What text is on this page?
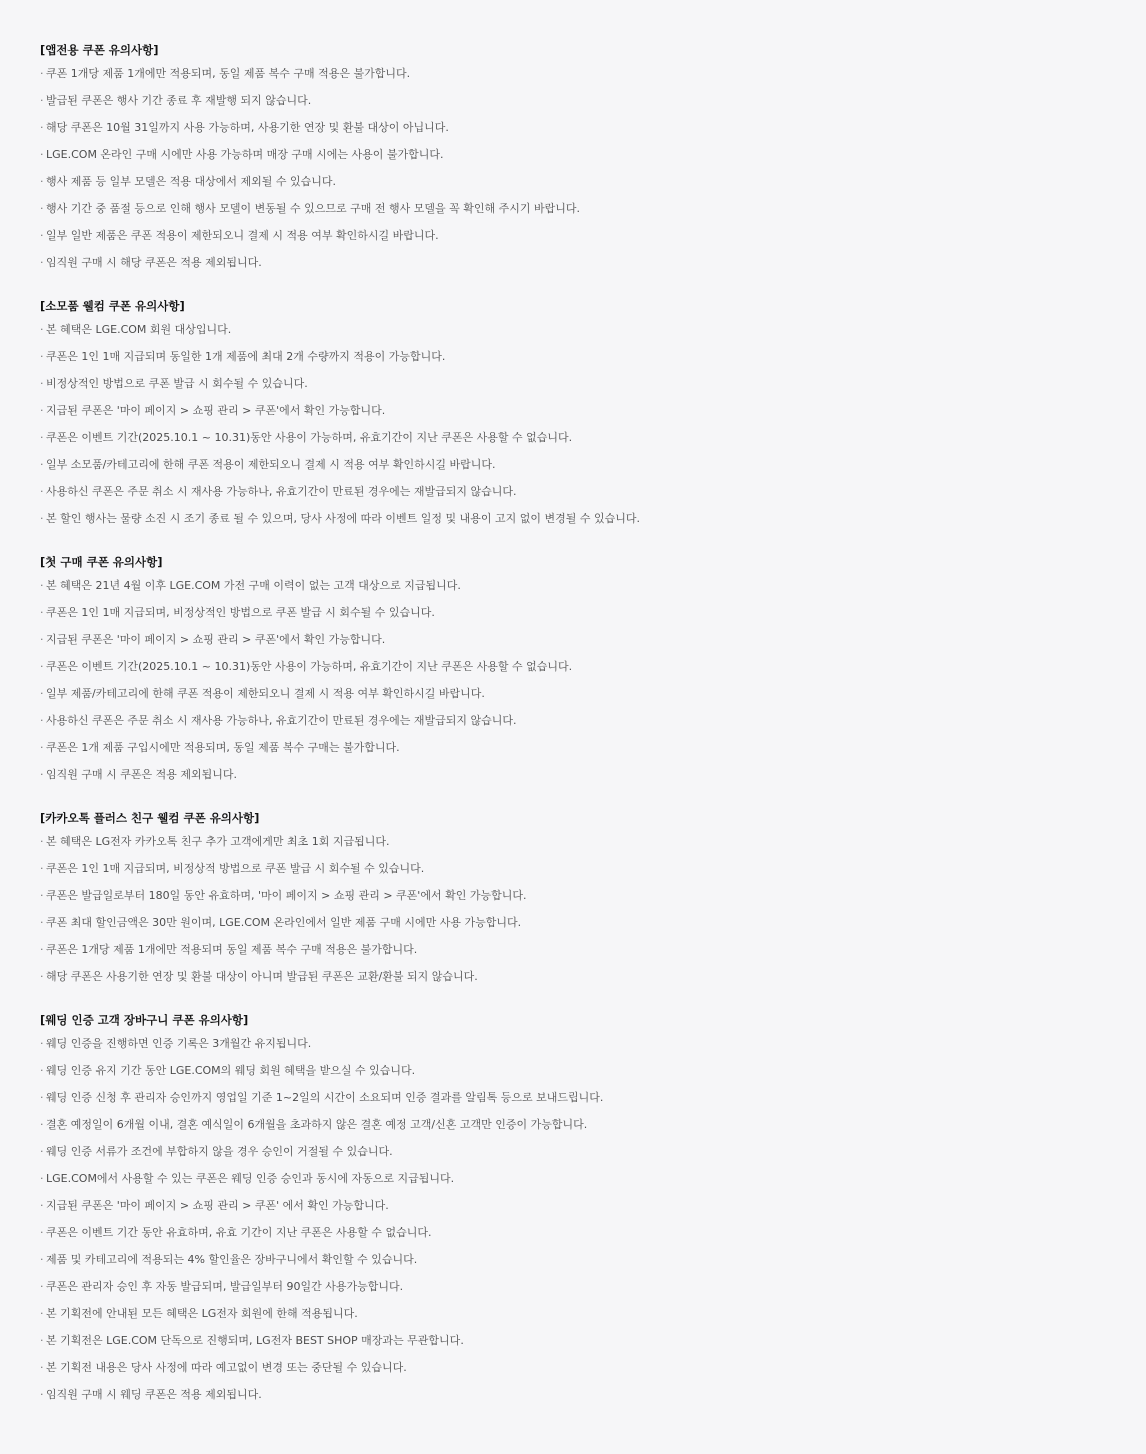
[앱전용 쿠폰 유의사항]
· 쿠폰 1개당 제품 1개에만 적용되며, 동일 제품 복수 구매 적용은 불가합니다.
· 발급된 쿠폰은 행사 기간 종료 후 재발행 되지 않습니다.
· 해당 쿠폰은 10월 31일까지 사용 가능하며, 사용기한 연장 및 환불 대상이 아닙니다.
· LGE.COM 온라인 구매 시에만 사용 가능하며 매장 구매 시에는 사용이 불가합니다.
· 행사 제품 등 일부 모델은 적용 대상에서 제외될 수 있습니다.
· 행사 기간 중 품절 등으로 인해 행사 모델이 변동될 수 있으므로 구매 전 행사 모델을 꼭 확인해 주시기 바랍니다.
· 일부 일반 제품은 쿠폰 적용이 제한되오니 결제 시 적용 여부 확인하시길 바랍니다.
· 임직원 구매 시 해당 쿠폰은 적용 제외됩니다.
[소모품 웰컴 쿠폰 유의사항]
· 본 혜택은 LGE.COM 회원 대상입니다.
· 쿠폰은 1인 1매 지급되며 동일한 1개 제품에 최대 2개 수량까지 적용이 가능합니다.
· 비정상적인 방법으로 쿠폰 발급 시 회수될 수 있습니다.
· 지급된 쿠폰은 '마이 페이지 > 쇼핑 관리 > 쿠폰'에서 확인 가능합니다.
· 쿠폰은 이벤트 기간(2025.10.1 ~ 10.31)동안 사용이 가능하며, 유효기간이 지난 쿠폰은 사용할 수 없습니다.
· 일부 소모품/카테고리에 한해 쿠폰 적용이 제한되오니 결제 시 적용 여부 확인하시길 바랍니다.
· 사용하신 쿠폰은 주문 취소 시 재사용 가능하나, 유효기간이 만료된 경우에는 재발급되지 않습니다.
· 본 할인 행사는 물량 소진 시 조기 종료 될 수 있으며, 당사 사정에 따라 이벤트 일정 및 내용이 고지 없이 변경될 수 있습니다.
[첫 구매 쿠폰 유의사항]
· 본 혜택은 21년 4월 이후 LGE.COM 가전 구매 이력이 없는 고객 대상으로 지급됩니다.
· 쿠폰은 1인 1매 지급되며, 비정상적인 방법으로 쿠폰 발급 시 회수될 수 있습니다.
· 지급된 쿠폰은 '마이 페이지 > 쇼핑 관리 > 쿠폰'에서 확인 가능합니다.
· 쿠폰은 이벤트 기간(2025.10.1 ~ 10.31)동안 사용이 가능하며, 유효기간이 지난 쿠폰은 사용할 수 없습니다.
· 일부 제품/카테고리에 한해 쿠폰 적용이 제한되오니 결제 시 적용 여부 확인하시길 바랍니다.
· 사용하신 쿠폰은 주문 취소 시 재사용 가능하나, 유효기간이 만료된 경우에는 재발급되지 않습니다.
· 쿠폰은 1개 제품 구입시에만 적용되며, 동일 제품 복수 구매는 불가합니다.
· 임직원 구매 시 쿠폰은 적용 제외됩니다.
[카카오톡 플러스 친구 웰컴 쿠폰 유의사항]
· 본 혜택은 LG전자 카카오톡 친구 추가 고객에게만 최초 1회 지급됩니다.
· 쿠폰은 1인 1매 지급되며, 비정상적 방법으로 쿠폰 발급 시 회수될 수 있습니다.
· 쿠폰은 발급일로부터 180일 동안 유효하며, '마이 페이지 > 쇼핑 관리 > 쿠폰'에서 확인 가능합니다.
· 쿠폰 최대 할인금액은 30만 원이며, LGE.COM 온라인에서 일반 제품 구매 시에만 사용 가능합니다.
· 쿠폰은 1개당 제품 1개에만 적용되며 동일 제품 복수 구매 적용은 불가합니다.
· 해당 쿠폰은 사용기한 연장 및 환불 대상이 아니며 발급된 쿠폰은 교환/환불 되지 않습니다.
[웨딩 인증 고객 장바구니 쿠폰 유의사항]
· 웨딩 인증을 진행하면 인증 기록은 3개월간 유지됩니다.
· 웨딩 인증 유지 기간 동안 LGE.COM의 웨딩 회원 혜택을 받으실 수 있습니다.
· 웨딩 인증 신청 후 관리자 승인까지 영업일 기준 1~2일의 시간이 소요되며 인증 결과를 알림톡 등으로 보내드립니다.
· 결혼 예정일이 6개월 이내, 결혼 예식일이 6개월을 초과하지 않은 결혼 예정 고객/신혼 고객만 인증이 가능합니다.
· 웨딩 인증 서류가 조건에 부합하지 않을 경우 승인이 거절될 수 있습니다.
· LGE.COM에서 사용할 수 있는 쿠폰은 웨딩 인증 승인과 동시에 자동으로 지급됩니다.
· 지급된 쿠폰은 '마이 페이지 > 쇼핑 관리 > 쿠폰' 에서 확인 가능합니다.
· 쿠폰은 이벤트 기간 동안 유효하며, 유효 기간이 지난 쿠폰은 사용할 수 없습니다.
· 제품 및 카테고리에 적용되는 4% 할인율은 장바구니에서 확인할 수 있습니다.
· 쿠폰은 관리자 승인 후 자동 발급되며, 발급일부터 90일간 사용가능합니다.
· 본 기획전에 안내된 모든 혜택은 LG전자 회원에 한해 적용됩니다.
· 본 기획전은 LGE.COM 단독으로 진행되며, LG전자 BEST SHOP 매장과는 무관합니다.
· 본 기획전 내용은 당사 사정에 따라 예고없이 변경 또는 중단될 수 있습니다.
· 임직원 구매 시 웨딩 쿠폰은 적용 제외됩니다.
